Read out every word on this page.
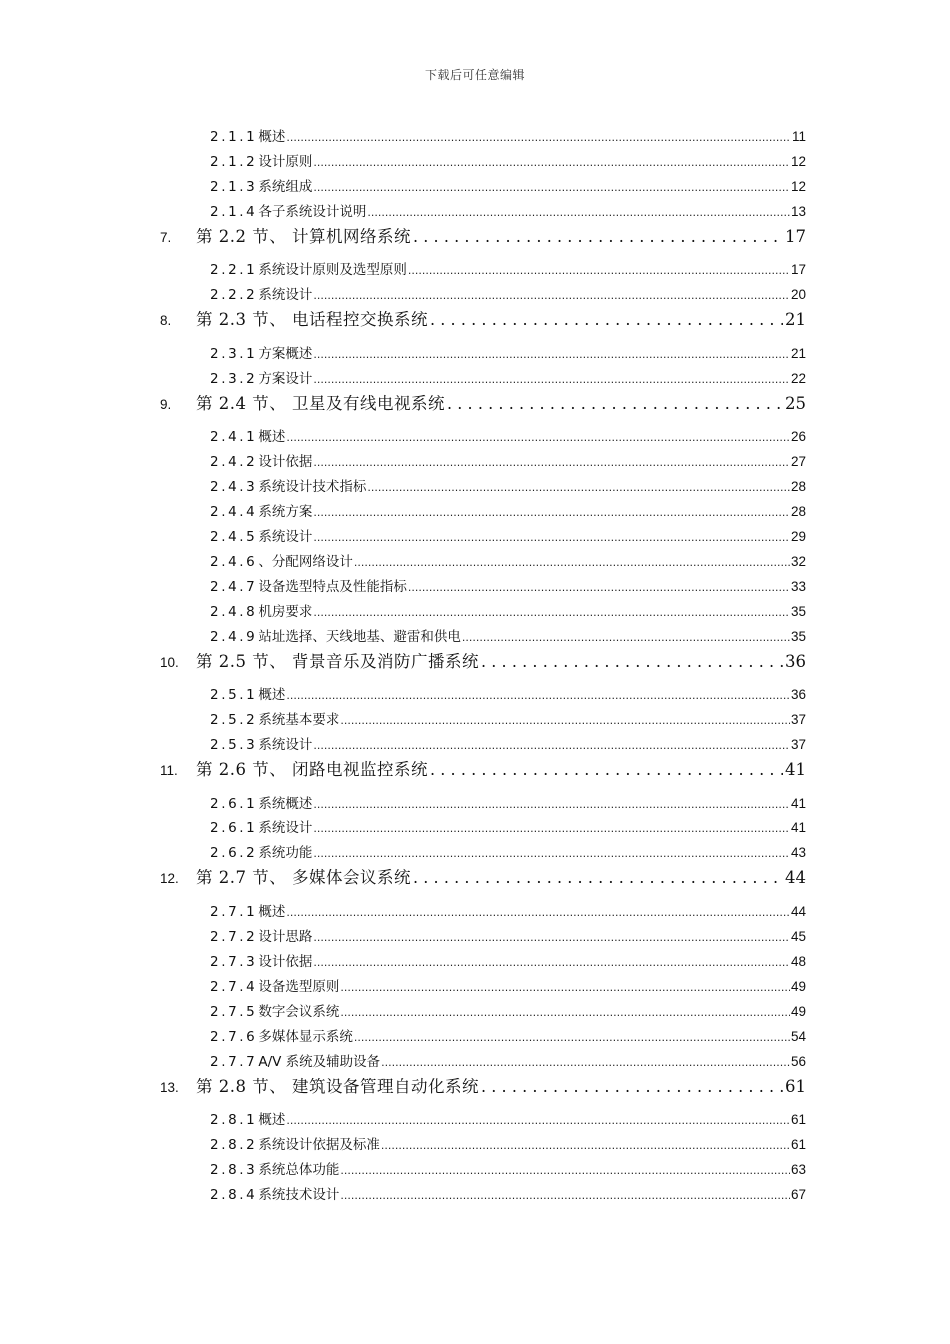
下载后可任意编辑
2.1.1 概述 .....	11
2.1.2 设计原则 .....	12
2.1.3 系统组成 .....	12
2.1.4 各子系统设计说明 .....	13
7.	第 2.2 节、 计算机网络系统 .....	17
2.2.1 系统设计原则及选型原则 .....	17
2.2.2 系统设计 .....	20
8.	第 2.3 节、 电话程控交换系统 .....	21
2.3.1 方案概述 .....	21
2.3.2 方案设计 .....	22
9.	第 2.4 节、 卫星及有线电视系统 .....	25
2.4.1 概述 .....	26
2.4.2 设计依据 .....	27
2.4.3 系统设计技术指标 .....	28
2.4.4 系统方案 .....	28
2.4.5 系统设计 .....	29
2.4.6 、分配网络设计 .....	32
2.4.7 设备选型特点及性能指标 .....	33
2.4.8 机房要求 .....	35
2.4.9 站址选择、天线地基、避雷和供电 .....	35
10.	第 2.5 节、 背景音乐及消防广播系统 .....	36
2.5.1 概述 .....	36
2.5.2 系统基本要求 .....	37
2.5.3 系统设计 .....	37
11.	第 2.6 节、 闭路电视监控系统 .....	41
2.6.1 系统概述 .....	41
2.6.1 系统设计 .....	41
2.6.2 系统功能 .....	43
12.	第 2.7 节、 多媒体会议系统 .....	44
2.7.1 概述 .....	44
2.7.2 设计思路 .....	45
2.7.3 设计依据 .....	48
2.7.4 设备选型原则 .....	49
2.7.5 数字会议系统 .....	49
2.7.6 多媒体显示系统 .....	54
2.7.7 A/V 系统及辅助设备 .....	56
13.	第 2.8 节、 建筑设备管理自动化系统 .....	61
2.8.1 概述 .....	61
2.8.2 系统设计依据及标准 .....	61
2.8.3 系统总体功能 .....	63
2.8.4 系统技术设计 .....	67
